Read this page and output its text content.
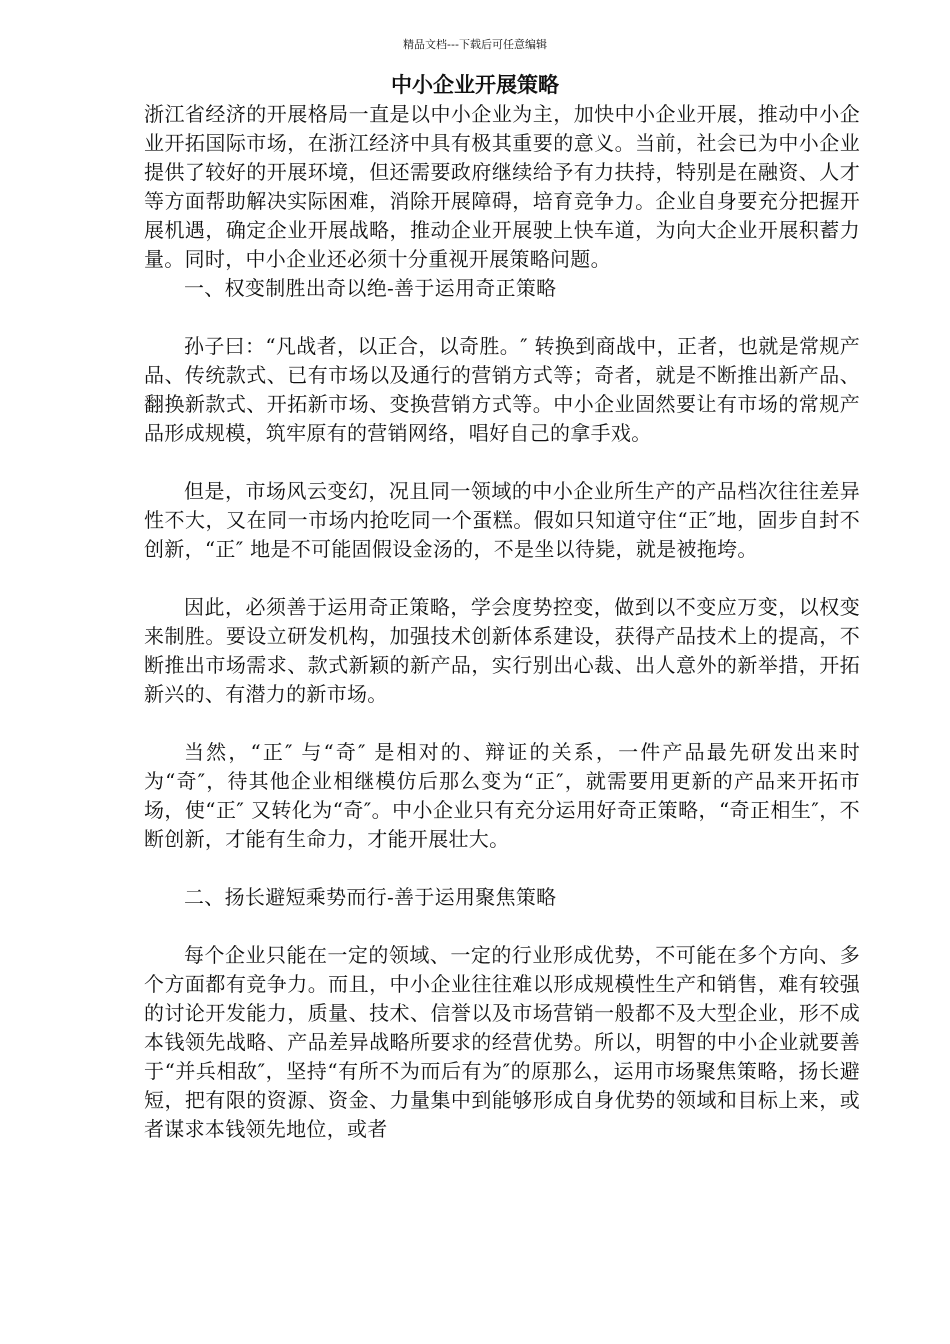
精品文档---下载后可任意编辑
中小企业开展策略

浙江省经济的开展格局一直是以中小企业为主，加快中小企业开展，推动中小企业开拓国际市场，在浙江经济中具有极其重要的意义。当前，社会已为中小企业提供了较好的开展环境，但还需要政府继续给予有力扶持，特别是在融资、人才等方面帮助解决实际困难，消除开展障碍，培育竞争力。企业自身要充分把握开展机遇，确定企业开展战略，推动企业开展驶上快车道，为向大企业开展积蓄力量。同时，中小企业还必须十分重视开展策略问题。

一、权变制胜出奇以绝-善于运用奇正策略

孙子曰：“凡战者，以正合，以奇胜。″ 转换到商战中，正者，也就是常规产品、传统款式、已有市场以及通行的营销方式等；奇者，就是不断推出新产品、翻换新款式、开拓新市场、变换营销方式等。中小企业固然要让有市场的常规产品形成规模，筑牢原有的营销网络，唱好自己的拿手戏。

但是，市场风云变幻，况且同一领域的中小企业所生产的产品档次往往差异性不大，又在同一市场内抢吃同一个蛋糕。假如只知道守住“正″地，固步自封不创新，“正″ 地是不可能固假设金汤的，不是坐以待毙，就是被拖垮。

因此，必须善于运用奇正策略，学会度势控变，做到以不变应万变，以权变来制胜。要设立研发机构，加强技术创新体系建设，获得产品技术上的提高，不断推出市场需求、款式新颖的新产品，实行别出心裁、出人意外的新举措，开拓新兴的、有潜力的新市场。

当然，“正″ 与“奇″ 是相对的、辩证的关系，一件产品最先研发出来时为“奇″，待其他企业相继模仿后那么变为“正″，就需要用更新的产品来开拓市场，使“正″ 又转化为“奇″。中小企业只有充分运用好奇正策略，“奇正相生″，不断创新，才能有生命力，才能开展壮大。

二、扬长避短乘势而行-善于运用聚焦策略

每个企业只能在一定的领域、一定的行业形成优势，不可能在多个方向、多个方面都有竞争力。而且，中小企业往往难以形成规模性生产和销售，难有较强的讨论开发能力，质量、技术、信誉以及市场营销一般都不及大型企业，形不成本钱领先战略、产品差异战略所要求的经营优势。所以，明智的中小企业就要善于“并兵相敌″，坚持“有所不为而后有为″的原那么，运用市场聚焦策略，扬长避短，把有限的资源、资金、力量集中到能够形成自身优势的领域和目标上来，或者谋求本钱领先地位，或者
